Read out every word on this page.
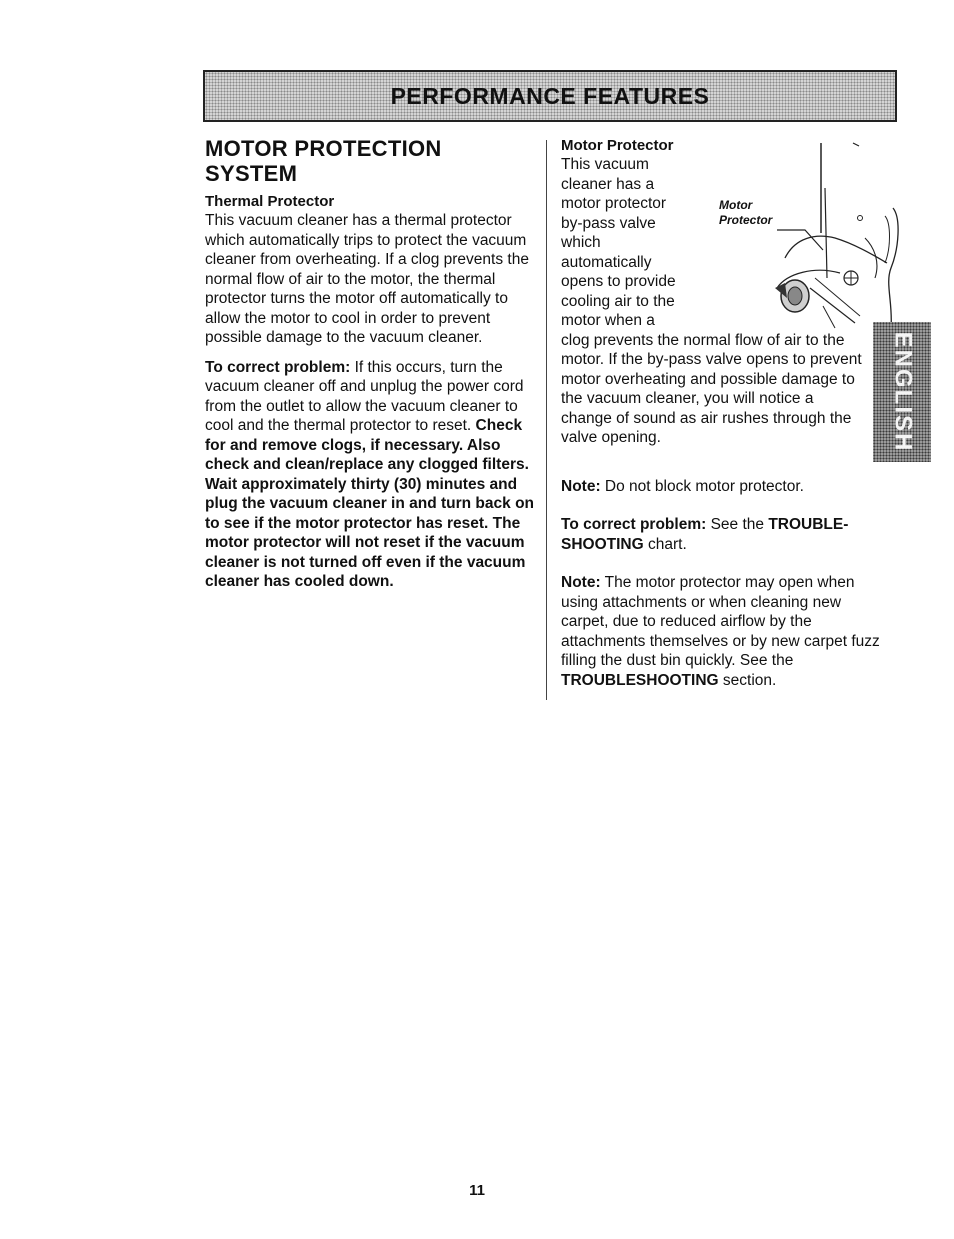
PERFORMANCE FEATURES
MOTOR PROTECTION
SYSTEM
Thermal Protector

This vacuum cleaner has a thermal protector which automatically trips to protect the vacuum cleaner from overheating. If a clog prevents the normal flow of air to the motor, the thermal protector turns the motor off automatically to allow the motor to cool in order to prevent possible damage to the vacuum cleaner.

To correct problem: If this occurs, turn the vacuum cleaner off and unplug the power cord from the outlet to allow the vacuum cleaner to cool and the thermal protector to reset. Check for and remove clogs, if necessary. Also check and clean/replace any clogged filters. Wait approximately thirty (30) minutes and plug the vacuum cleaner in and turn back on to see if the motor protector has reset. The motor protector will not reset if the vacuum cleaner is not turned off even if the vacuum cleaner has cooled down.

Motor Protector
This vacuum
cleaner has a
motor protector
by-pass valve
which
automatically
opens to provide
cooling air to the
motor when a

clog prevents the normal flow of air to the motor. If the by-pass valve opens to prevent motor overheating and possible damage to the vacuum cleaner, you will notice a change of sound as air rushes through the valve opening.

Note: Do not block motor protector.

To correct problem: See the TROUBLE-SHOOTING chart.

Note: The motor protector may open when using attachments or when cleaning new carpet, due to reduced airflow by the attachments themselves or by new carpet fuzz filling the dust bin quickly. See the TROUBLESHOOTING section.

Motor
Protector
ENGLISH
11
